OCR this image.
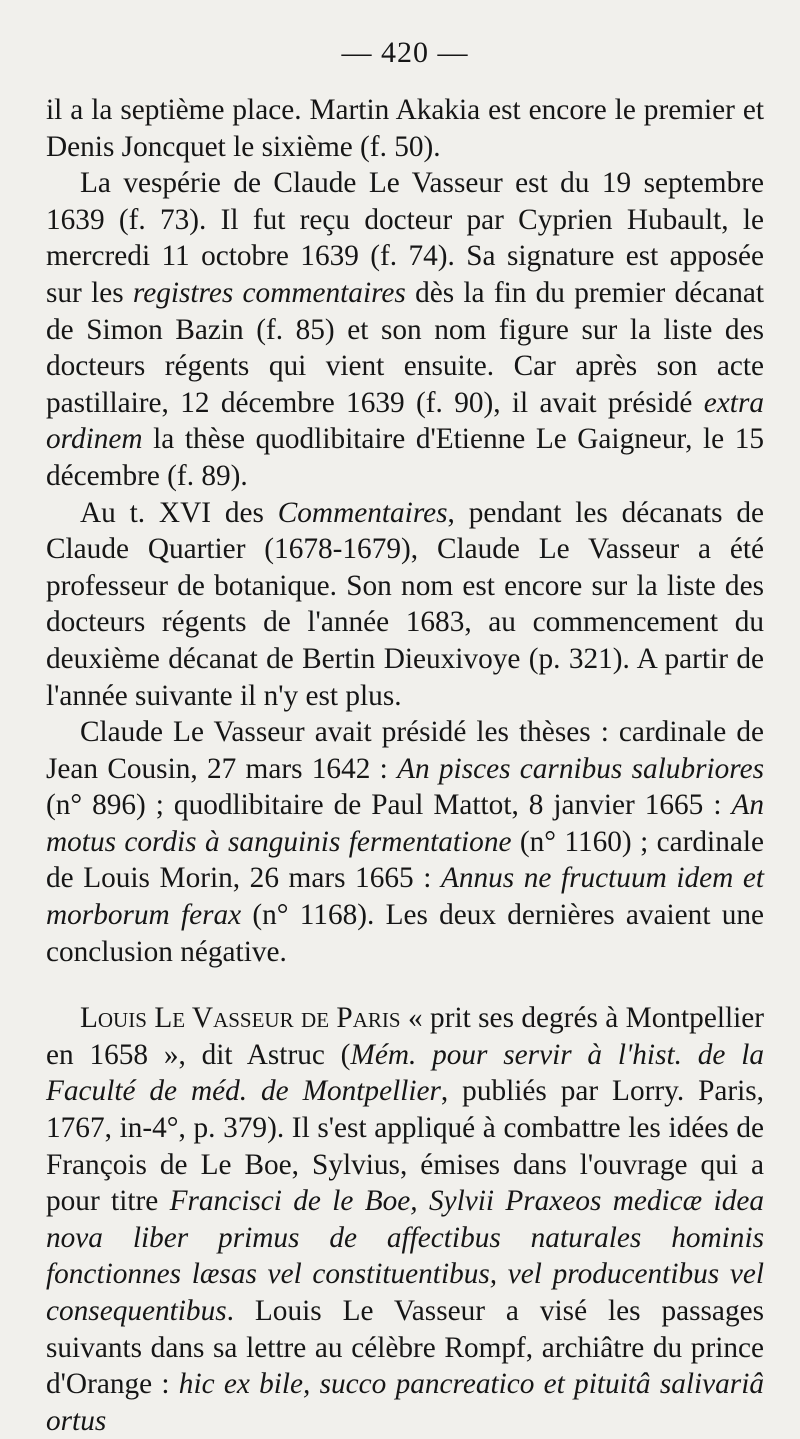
— 420 —

il a la septième place. Martin Akakia est encore le premier et Denis Joncquet le sixième (f. 50).

La vespérie de Claude Le Vasseur est du 19 septembre 1639 (f. 73). Il fut reçu docteur par Cyprien Hubault, le mercredi 11 octobre 1639 (f. 74). Sa signature est apposée sur les registres commentaires dès la fin du premier décanat de Simon Bazin (f. 85) et son nom figure sur la liste des docteurs régents qui vient ensuite. Car après son acte pastillaire, 12 décembre 1639 (f. 90), il avait présidé extra ordinem la thèse quodlibitaire d'Etienne Le Gaigneur, le 15 décembre (f. 89).

Au t. XVI des Commentaires, pendant les décanats de Claude Quartier (1678-1679), Claude Le Vasseur a été professeur de botanique. Son nom est encore sur la liste des docteurs régents de l'année 1683, au commencement du deuxième décanat de Bertin Dieuxivoye (p. 321). A partir de l'année suivante il n'y est plus.

Claude Le Vasseur avait présidé les thèses : cardinale de Jean Cousin, 27 mars 1642 : An pisces carnibus salubriores (n° 896) ; quodlibitaire de Paul Mattot, 8 janvier 1665 : An motus cordis à sanguinis fermentatione (n° 1160) ; cardinale de Louis Morin, 26 mars 1665 : Annus ne fructuum idem et morborum ferax (n° 1168). Les deux dernières avaient une conclusion négative.

Louis Le Vasseur de Paris « prit ses degrés à Montpellier en 1658 », dit Astruc (Mém. pour servir à l'hist. de la Faculté de méd. de Montpellier, publiés par Lorry. Paris, 1767, in-4°, p. 379). Il s'est appliqué à combattre les idées de François de Le Boe, Sylvius, émises dans l'ouvrage qui a pour titre Francisci de le Boe, Sylvii Praxeos medicæ idea nova liber primus de affectibus naturales hominis fonctionnes læsas vel constituentibus, vel producentibus vel consequentibus. Louis Le Vasseur a visé les passages suivants dans sa lettre au célèbre Rompf, archiâtre du prince d'Orange : hic ex bile, succo pancreatico et pituitâ salivariâ ortus
